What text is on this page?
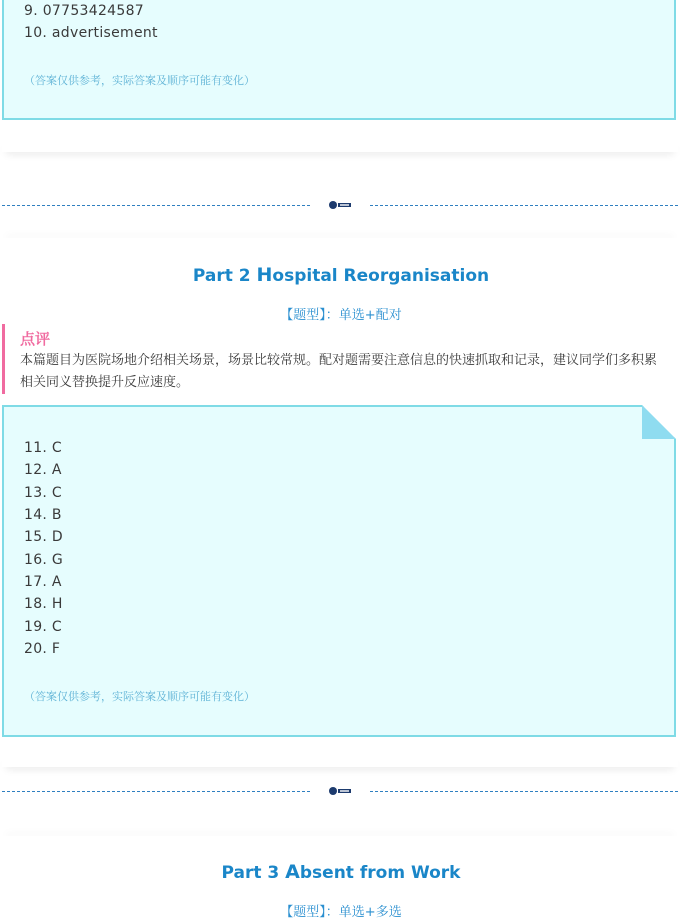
9. 07753424587
10. advertisement
（答案仅供参考，实际答案及顺序可能有变化）
Part 2 Hospital Reorganisation
【题型】：单选+配对
点评
本篇题目为医院场地介绍相关场景，场景比较常规。配对题需要注意信息的快速抓取和记录，建议同学们多积累相关同义替换提升反应速度。
11. C
12. A
13. C
14. B
15. D
16. G
17. A
18. H
19. C
20. F
（答案仅供参考，实际答案及顺序可能有变化）
Part 3 Absent from Work
【题型】：单选+多选
